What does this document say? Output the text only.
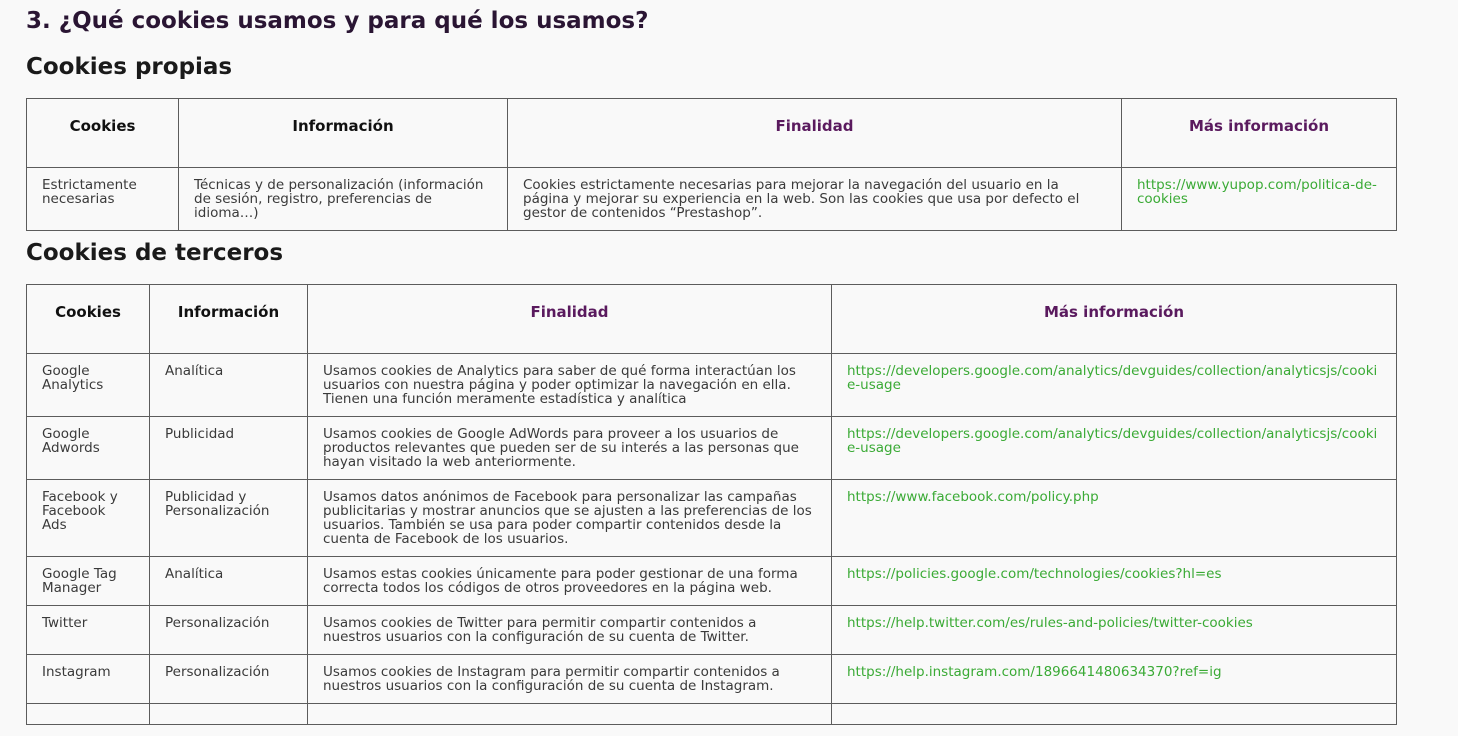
3. ¿Qué cookies usamos y para qué los usamos?
Cookies propias
Cookies	Información	Finalidad	Más información
Estrictamente necesarias	Técnicas y de personalización (información de sesión, registro, preferencias de idioma…)	Cookies estrictamente necesarias para mejorar la navegación del usuario en la página y mejorar su experiencia en la web. Son las cookies que usa por defecto el gestor de contenidos “Prestashop”.	https://www.yupop.com/politica-de-cookies
Cookies de terceros
Cookies	Información	Finalidad	Más información
Google Analytics	Analítica	Usamos cookies de Analytics para saber de qué forma interactúan los usuarios con nuestra página y poder optimizar la navegación en ella. Tienen una función meramente estadística y analítica	https://developers.google.com/analytics/devguides/collection/analyticsjs/cookie-usage
Google Adwords	Publicidad	Usamos cookies de Google AdWords para proveer a los usuarios de productos relevantes que pueden ser de su interés a las personas que hayan visitado la web anteriormente.	https://developers.google.com/analytics/devguides/collection/analyticsjs/cookie-usage
Facebook y Facebook Ads	Publicidad y Personalización	Usamos datos anónimos de Facebook para personalizar las campañas publicitarias y mostrar anuncios que se ajusten a las preferencias de los usuarios. También se usa para poder compartir contenidos desde la cuenta de Facebook de los usuarios.	https://www.facebook.com/policy.php
Google Tag Manager	Analítica	Usamos estas cookies únicamente para poder gestionar de una forma correcta todos los códigos de otros proveedores en la página web.	https://policies.google.com/technologies/cookies?hl=es
Twitter	Personalización	Usamos cookies de Twitter para permitir compartir contenidos a nuestros usuarios con la configuración de su cuenta de Twitter.	https://help.twitter.com/es/rules-and-policies/twitter-cookies
Instagram	Personalización	Usamos cookies de Instagram para permitir compartir contenidos a nuestros usuarios con la configuración de su cuenta de Instagram.	https://help.instagram.com/1896641480634370?ref=ig
